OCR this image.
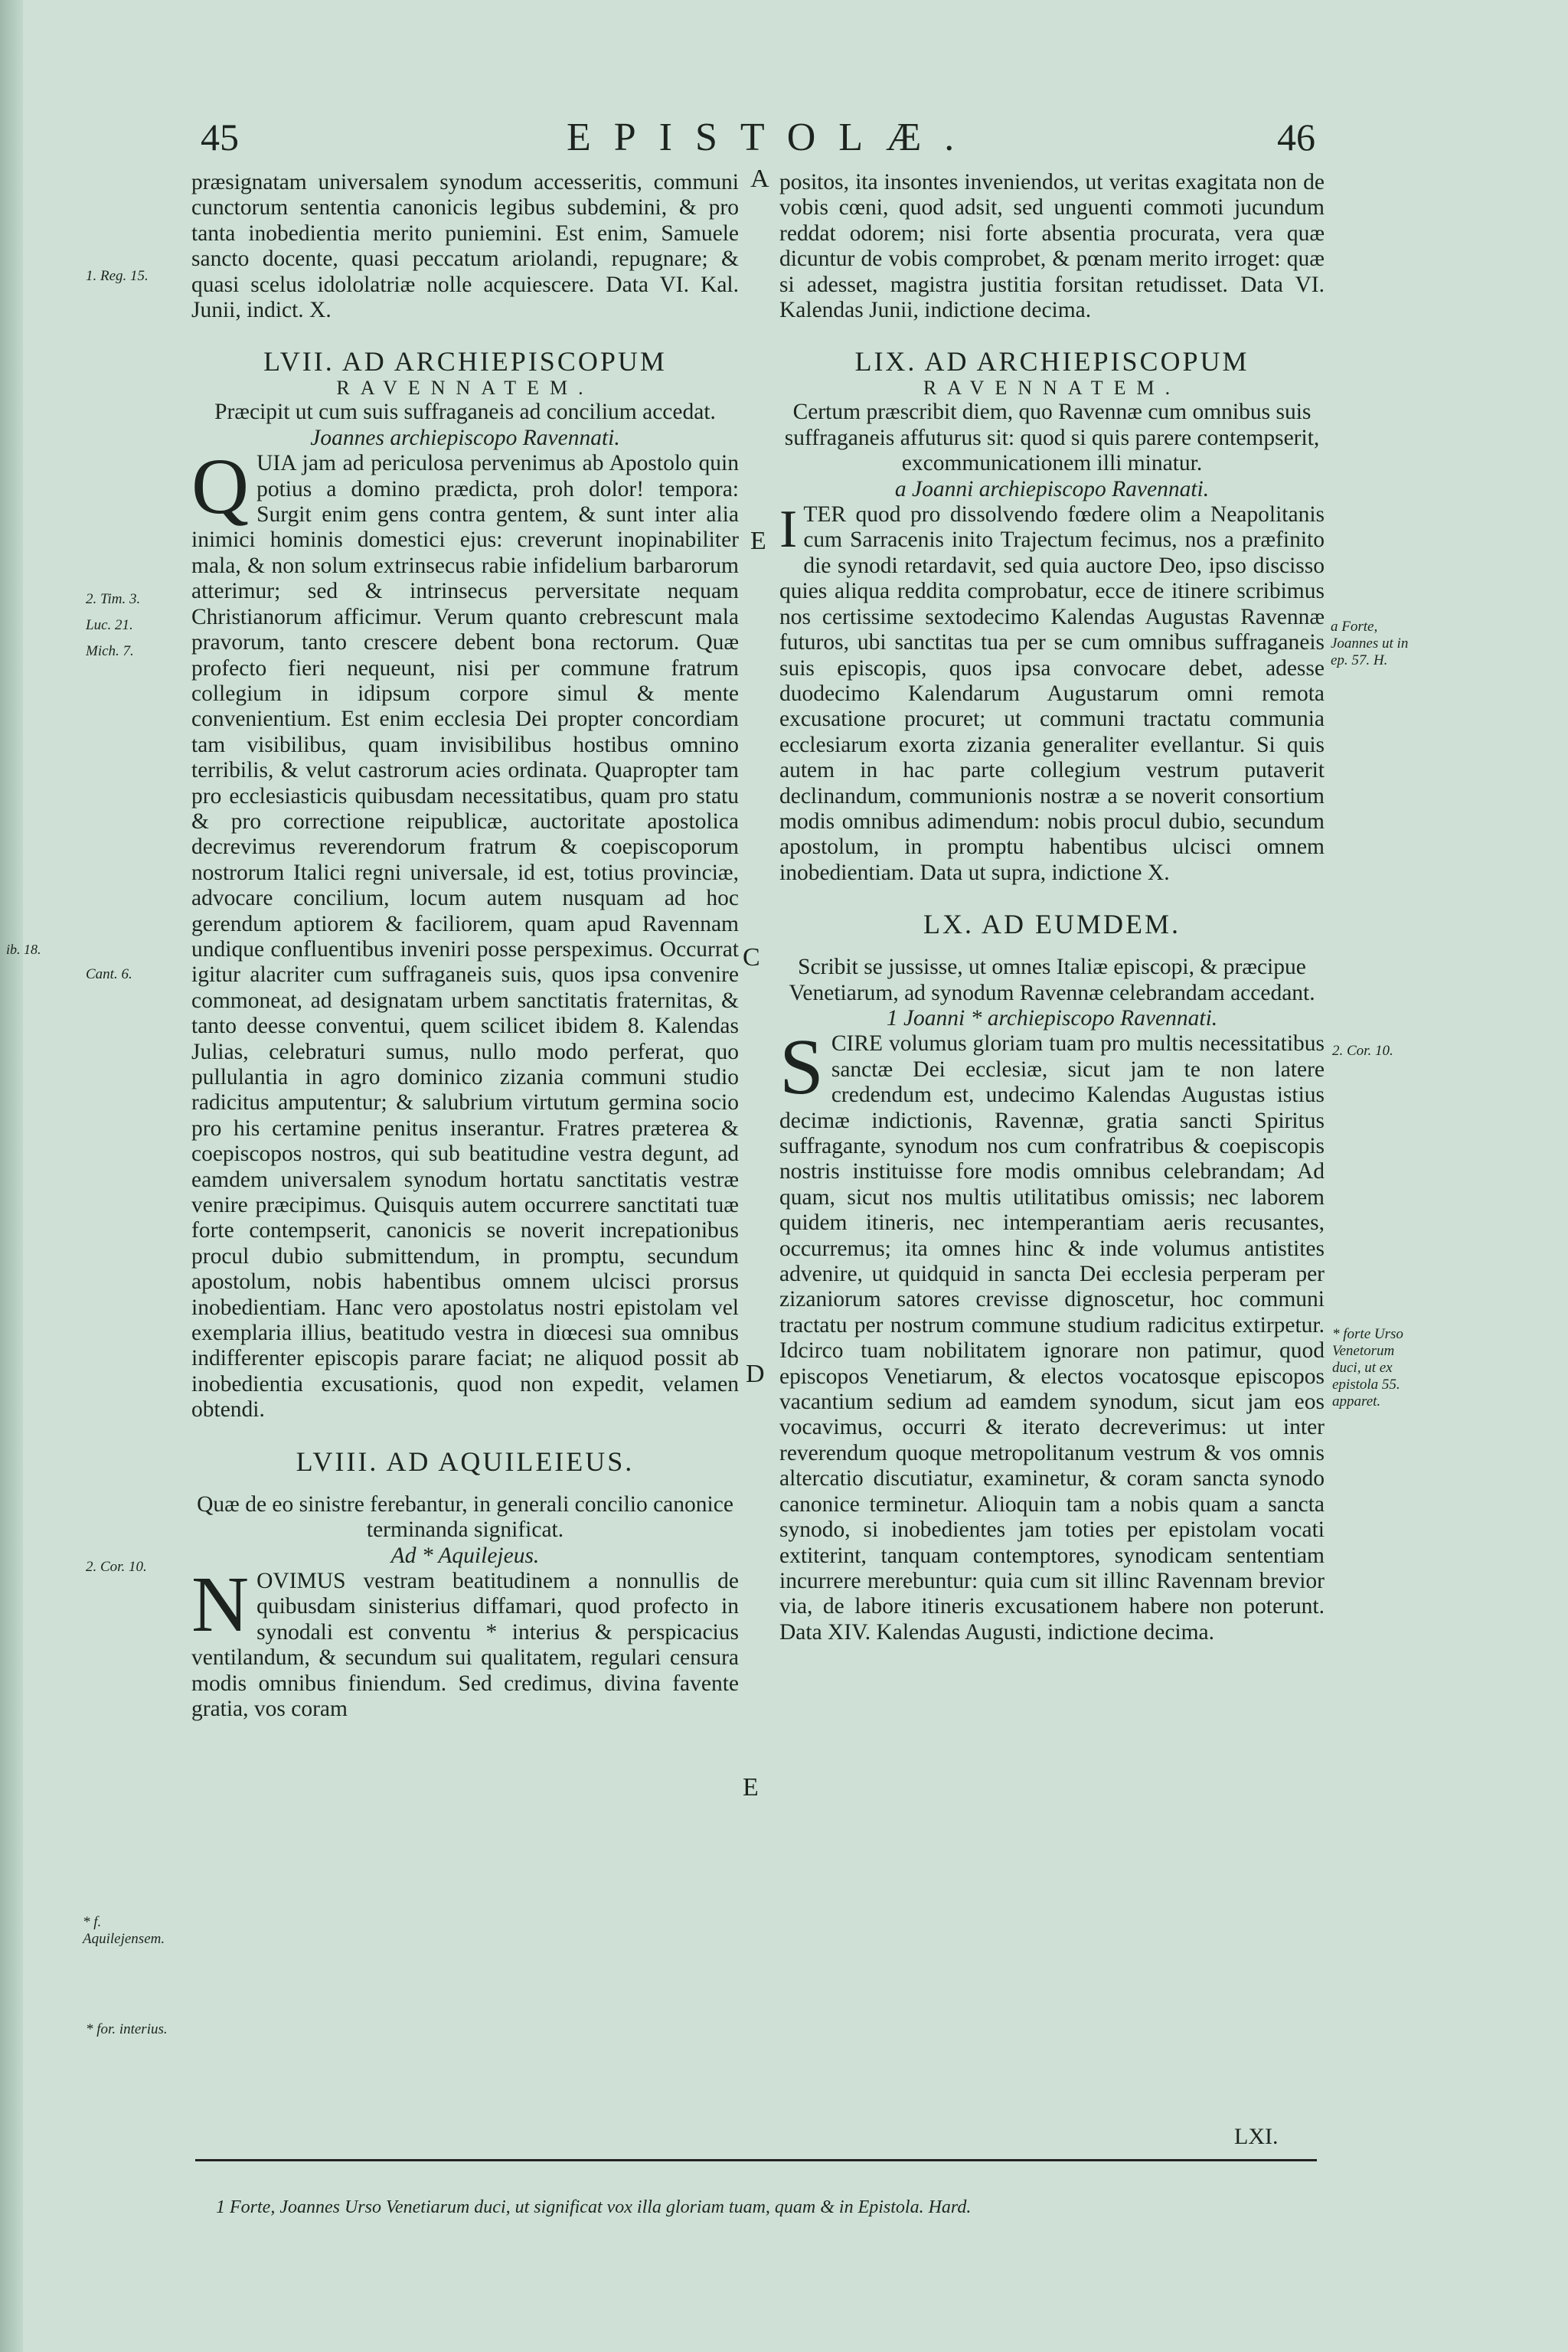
45	EPISTOLÆ.	46
ib. 18.
1. Reg. 15.
2. Tim. 3.
Luc. 21.
Mich. 7.
Cant. 6.
2. Cor. 10.
* f. Aquilejensem.
* for. interius.
A
E
C
D
E
a Forte, Joannes ut in ep. 57. H.
2. Cor. 10.
* forte Urso Venetorum duci, ut ex epistola 55. apparet.

præsignatam universalem synodum accesseritis, communi cunctorum sententia canonicis legibus subdemini, & pro tanta inobedientia merito puniemini. Est enim, Samuele sancto docente, quasi peccatum ariolandi, repugnare; & quasi scelus idololatriæ nolle acquiescere. Data VI. Kal. Junii, indict. X.

LVII. AD ARCHIEPISCOPUM

RAVENNATEM.

Præcipit ut cum suis suffraganeis ad concilium accedat.

Joannes archiepiscopo Ravennati.

QUIA jam ad periculosa pervenimus ab Apostolo quin potius a domino prædicta, proh dolor! tempora: Surgit enim gens contra gentem, & sunt inter alia inimici hominis domestici ejus: creverunt inopinabiliter mala, & non solum extrinsecus rabie infidelium barbarorum atterimur; sed & intrinsecus perversitate nequam Christianorum afficimur. Verum quanto crebrescunt mala pravorum, tanto crescere debent bona rectorum. Quæ profecto fieri nequeunt, nisi per commune fratrum collegium in idipsum corpore simul & mente convenientium. Est enim ecclesia Dei propter concordiam tam visibilibus, quam invisibilibus hostibus omnino terribilis, & velut castrorum acies ordinata. Quapropter tam pro ecclesiasticis quibusdam necessitatibus, quam pro statu & pro correctione reipublicæ, auctoritate apostolica decrevimus reverendorum fratrum & coepiscoporum nostrorum Italici regni universale, id est, totius provinciæ, advocare concilium, locum autem nusquam ad hoc gerendum aptiorem & faciliorem, quam apud Ravennam undique confluentibus inveniri posse perspeximus. Occurrat igitur alacriter cum suffraganeis suis, quos ipsa convenire commoneat, ad designatam urbem sanctitatis fraternitas, & tanto deesse conventui, quem scilicet ibidem 8. Kalendas Julias, celebraturi sumus, nullo modo perferat, quo pullulantia in agro dominico zizania communi studio radicitus amputentur; & salubrium virtutum germina socio pro his certamine penitus inserantur. Fratres præterea & coepiscopos nostros, qui sub beatitudine vestra degunt, ad eamdem universalem synodum hortatu sanctitatis vestræ venire præcipimus. Quisquis autem occurrere sanctitati tuæ forte contempserit, canonicis se noverit increpationibus procul dubio submittendum, in promptu, secundum apostolum, nobis habentibus omnem ulcisci prorsus inobedientiam. Hanc vero apostolatus nostri epistolam vel exemplaria illius, beatitudo vestra in diœcesi sua omnibus indifferenter episcopis parare faciat; ne aliquod possit ab inobedientia excusationis, quod non expedit, velamen obtendi.

LVIII. AD AQUILEIEUS.

Quæ de eo sinistre ferebantur, in generali concilio canonice terminanda significat.

Ad * Aquilejeus.

NOVIMUS vestram beatitudinem a nonnullis de quibusdam sinisterius diffamari, quod profecto in synodali est conventu * interius & perspicacius ventilandum, & secundum sui qualitatem, regulari censura modis omnibus finiendum. Sed credimus, divina favente gratia, vos coram

positos, ita insontes inveniendos, ut veritas exagitata non de vobis cœni, quod adsit, sed unguenti commoti jucundum reddat odorem; nisi forte absentia procurata, vera quæ dicuntur de vobis comprobet, & pœnam merito irroget: quæ si adesset, magistra justitia forsitan retudisset. Data VI. Kalendas Junii, indictione decima.

LIX. AD ARCHIEPISCOPUM

RAVENNATEM.

Certum præscribit diem, quo Ravennæ cum omnibus suis suffraganeis affuturus sit: quod si quis parere contempserit, excommunicationem illi minatur.

a Joanni archiepiscopo Ravennati.

ITER quod pro dissolvendo fœdere olim a Neapolitanis cum Sarracenis inito Trajectum fecimus, nos a præfinito die synodi retardavit, sed quia auctore Deo, ipso discisso quies aliqua reddita comprobatur, ecce de itinere scribimus nos certissime sextodecimo Kalendas Augustas Ravennæ futuros, ubi sanctitas tua per se cum omnibus suffraganeis suis episcopis, quos ipsa convocare debet, adesse duodecimo Kalendarum Augustarum omni remota excusatione procuret; ut communi tractatu communia ecclesiarum exorta zizania generaliter evellantur. Si quis autem in hac parte collegium vestrum putaverit declinandum, communionis nostræ a se noverit consortium modis omnibus adimendum: nobis procul dubio, secundum apostolum, in promptu habentibus ulcisci omnem inobedientiam. Data ut supra, indictione X.

LX. AD EUMDEM.

Scribit se jussisse, ut omnes Italiæ episcopi, & præcipue Venetiarum, ad synodum Ravennæ celebrandam accedant.

1 Joanni * archiepiscopo Ravennati.

SCIRE volumus gloriam tuam pro multis necessitatibus sanctæ Dei ecclesiæ, sicut jam te non latere credendum est, undecimo Kalendas Augustas istius decimæ indictionis, Ravennæ, gratia sancti Spiritus suffragante, synodum nos cum confratribus & coepiscopis nostris instituisse fore modis omnibus celebrandam; Ad quam, sicut nos multis utilitatibus omissis; nec laborem quidem itineris, nec intemperantiam aeris recusantes, occurremus; ita omnes hinc & inde volumus antistites advenire, ut quidquid in sancta Dei ecclesia perperam per zizaniorum satores crevisse dignoscetur, hoc communi tractatu per nostrum commune studium radicitus extirpetur. Idcirco tuam nobilitatem ignorare non patimur, quod episcopos Venetiarum, & electos vocatosque episcopos vacantium sedium ad eamdem synodum, sicut jam eos vocavimus, occurri & iterato decreverimus: ut inter reverendum quoque metropolitanum vestrum & vos omnis altercatio discutiatur, examinetur, & coram sancta synodo canonice terminetur. Alioquin tam a nobis quam a sancta synodo, si inobedientes jam toties per epistolam vocati extiterint, tanquam contemptores, synodicam sententiam incurrere merebuntur: quia cum sit illinc Ravennam brevior via, de labore itineris excusationem habere non poterunt. Data XIV. Kalendas Augusti, indictione decima.

LXI.
1 Forte, Joannes Urso Venetiarum duci, ut significat vox illa gloriam tuam, quam & in Epistola. Hard.
